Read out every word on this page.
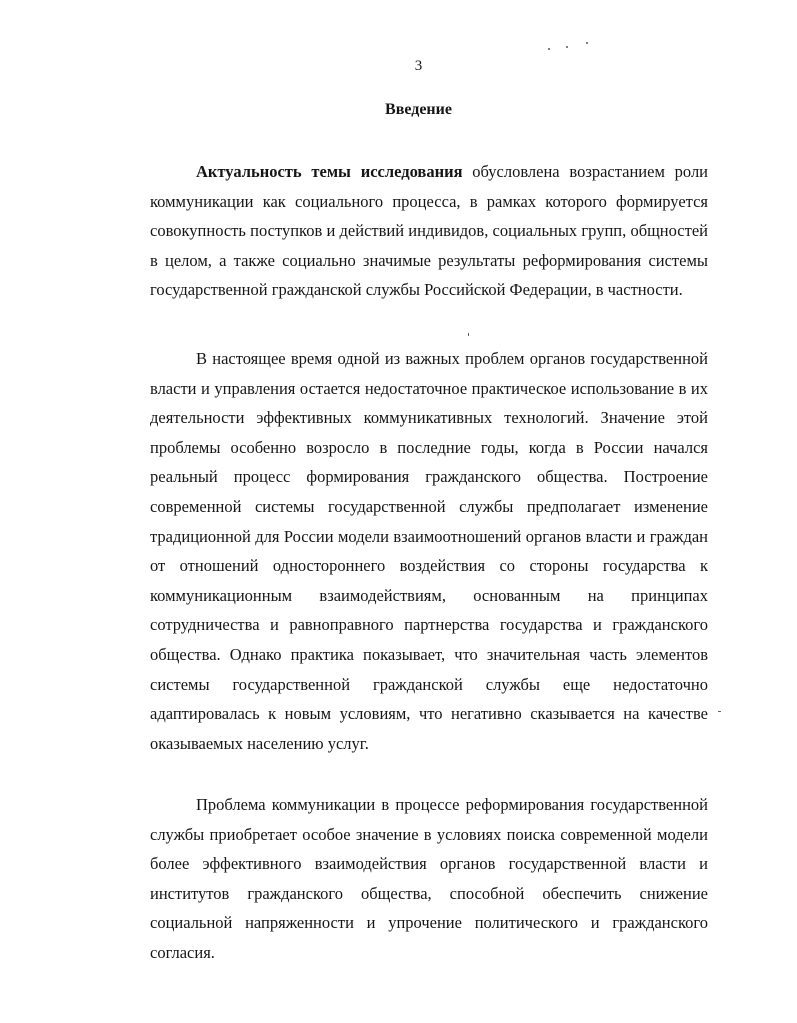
3
Введение

Актуальность темы исследования обусловлена возрастанием роли коммуникации как социального процесса, в рамках которого формируется совокупность поступков и действий индивидов, социальных групп, общностей в целом, а также социально значимые результаты реформирования системы государственной гражданской службы Российской Федерации, в частности.

В настоящее время одной из важных проблем органов государственной власти и управления остается недостаточное практическое использование в их деятельности эффективных коммуникативных технологий. Значение этой проблемы особенно возросло в последние годы, когда в России начался реальный процесс формирования гражданского общества. Построение современной системы государственной службы предполагает изменение традиционной для России модели взаимоотношений органов власти и граждан от отношений одностороннего воздействия со стороны государства к коммуникационным взаимодействиям, основанным на принципах сотрудничества и равноправного партнерства государства и гражданского общества. Однако практика показывает, что значительная часть элементов системы государственной гражданской службы еще недостаточно адаптировалась к новым условиям, что негативно сказывается на качестве оказываемых населению услуг.

Проблема коммуникации в процессе реформирования государственной службы приобретает особое значение в условиях поиска современной модели более эффективного взаимодействия органов государственной власти и институтов гражданского общества, способной обеспечить снижение социальной напряженности и упрочение политического и гражданского согласия.
